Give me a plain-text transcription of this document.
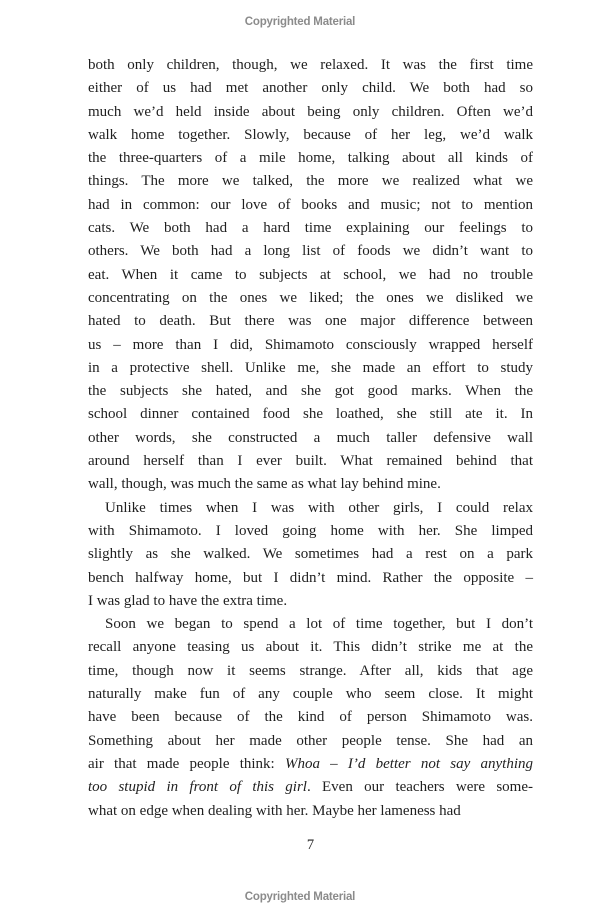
Copyrighted Material
both only children, though, we relaxed. It was the first time
either of us had met another only child. We both had so
much we’d held inside about being only children. Often we’d
walk home together. Slowly, because of her leg, we’d walk
the three-quarters of a mile home, talking about all kinds of
things. The more we talked, the more we realized what we
had in common: our love of books and music; not to mention
cats. We both had a hard time explaining our feelings to
others. We both had a long list of foods we didn’t want to
eat. When it came to subjects at school, we had no trouble
concentrating on the ones we liked; the ones we disliked we
hated to death. But there was one major difference between
us – more than I did, Shimamoto consciously wrapped herself
in a protective shell. Unlike me, she made an effort to study
the subjects she hated, and she got good marks. When the
school dinner contained food she loathed, she still ate it. In
other words, she constructed a much taller defensive wall
around herself than I ever built. What remained behind that
wall, though, was much the same as what lay behind mine.
Unlike times when I was with other girls, I could relax
with Shimamoto. I loved going home with her. She limped
slightly as she walked. We sometimes had a rest on a park
bench halfway home, but I didn’t mind. Rather the opposite –
I was glad to have the extra time.
Soon we began to spend a lot of time together, but I don’t
recall anyone teasing us about it. This didn’t strike me at the
time, though now it seems strange. After all, kids that age
naturally make fun of any couple who seem close. It might
have been because of the kind of person Shimamoto was.
Something about her made other people tense. She had an
air that made people think: Whoa – I’d better not say anything
too stupid in front of this girl. Even our teachers were some-
what on edge when dealing with her. Maybe her lameness had
7
Copyrighted Material
